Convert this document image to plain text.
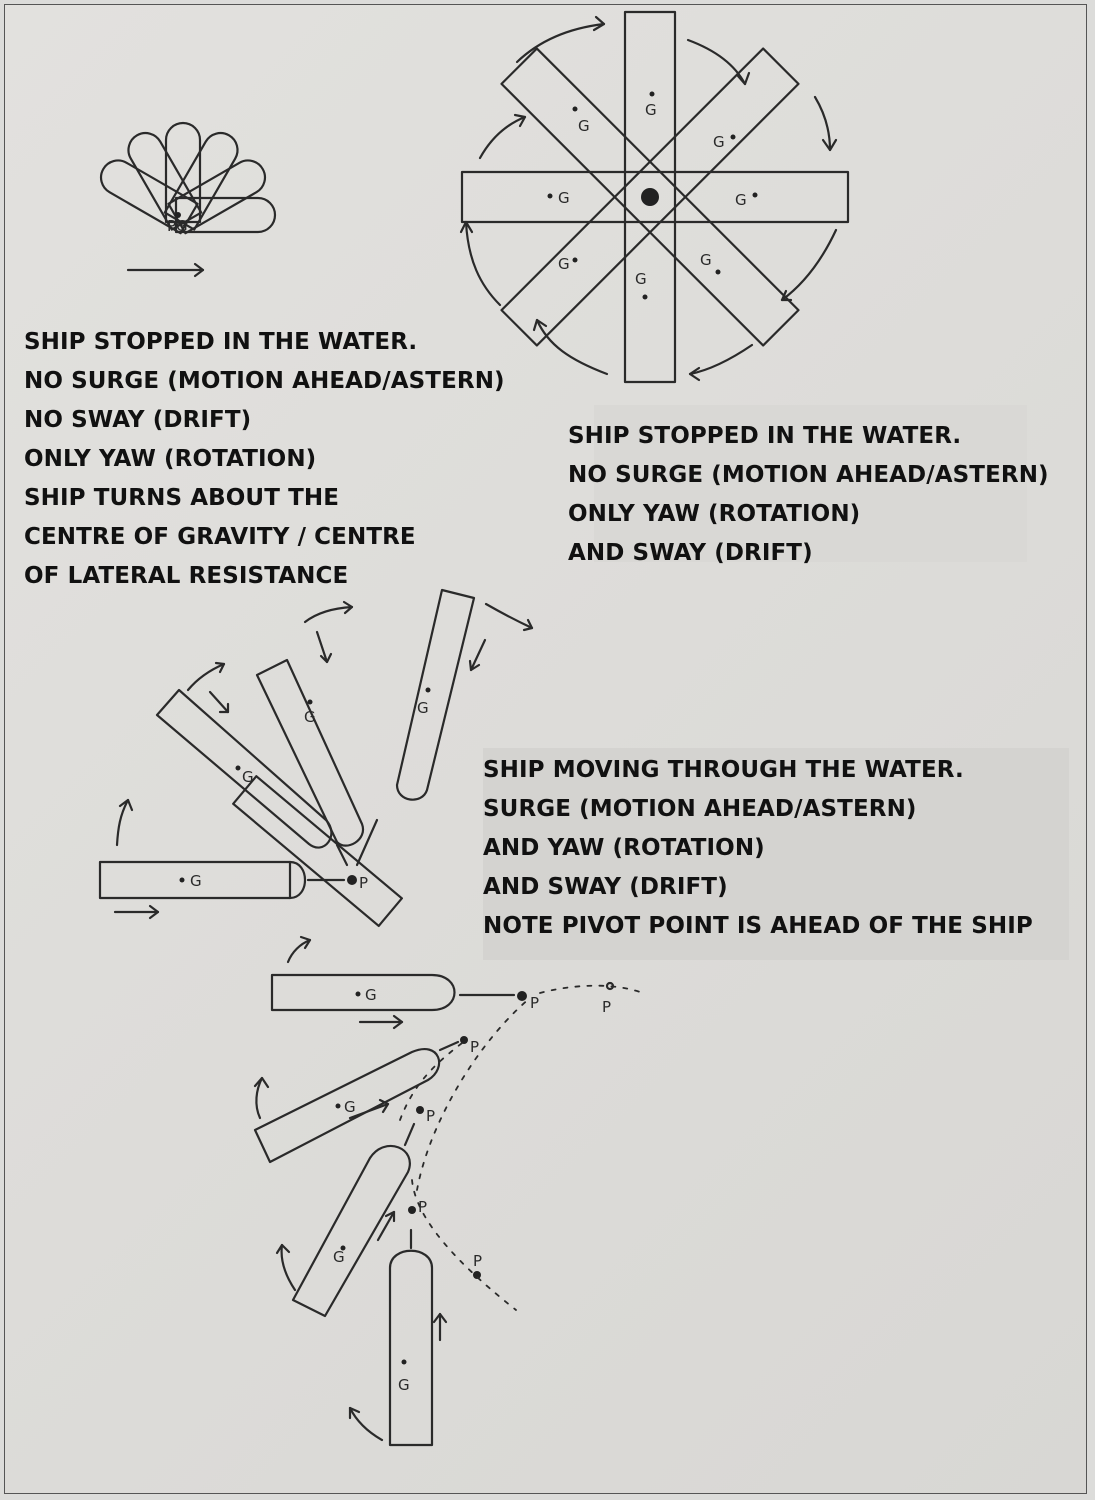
PG
G
G
G
G
G
G
G
G
P
G
G
G	G
P
G
P
P
G	P
G
P
G
P
SHIP STOPPED IN THE WATER.
NO SURGE (MOTION AHEAD/ASTERN)
NO SWAY (DRIFT)
ONLY YAW (ROTATION)
SHIP TURNS ABOUT THE
CENTRE OF GRAVITY / CENTRE
OF LATERAL RESISTANCE
SHIP STOPPED IN THE WATER.
NO SURGE (MOTION AHEAD/ASTERN)
ONLY YAW (ROTATION)
AND SWAY (DRIFT)
SHIP MOVING THROUGH THE WATER.
SURGE (MOTION AHEAD/ASTERN)
AND YAW (ROTATION)
AND SWAY (DRIFT)
NOTE PIVOT POINT IS AHEAD OF THE SHIP
